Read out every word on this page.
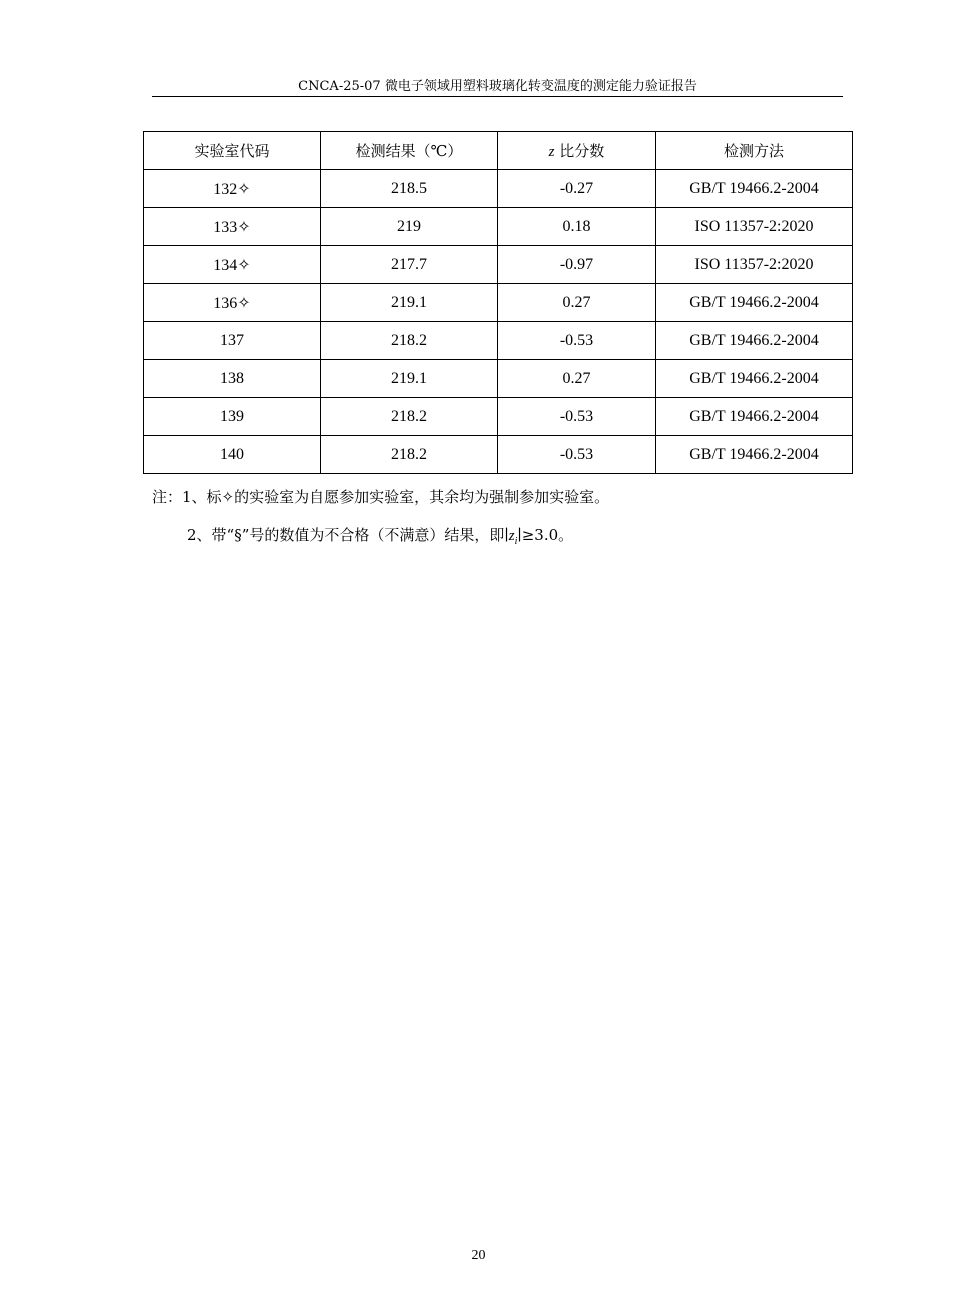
CNCA-25-07 微电子领域用塑料玻璃化转变温度的测定能力验证报告
实验室代码	检测结果（℃）	z 比分数	检测方法
132✧	218.5	-0.27	GB/T 19466.2-2004
133✧	219	0.18	ISO 11357-2:2020
134✧	217.7	-0.97	ISO 11357-2:2020
136✧	219.1	0.27	GB/T 19466.2-2004
137	218.2	-0.53	GB/T 19466.2-2004
138	219.1	0.27	GB/T 19466.2-2004
139	218.2	-0.53	GB/T 19466.2-2004
140	218.2	-0.53	GB/T 19466.2-2004
注：1、标✧的实验室为自愿参加实验室，其余均为强制参加实验室。
2、带“§”号的数值为不合格（不满意）结果，即$∣z_i∣\ge 3.0$。
20
